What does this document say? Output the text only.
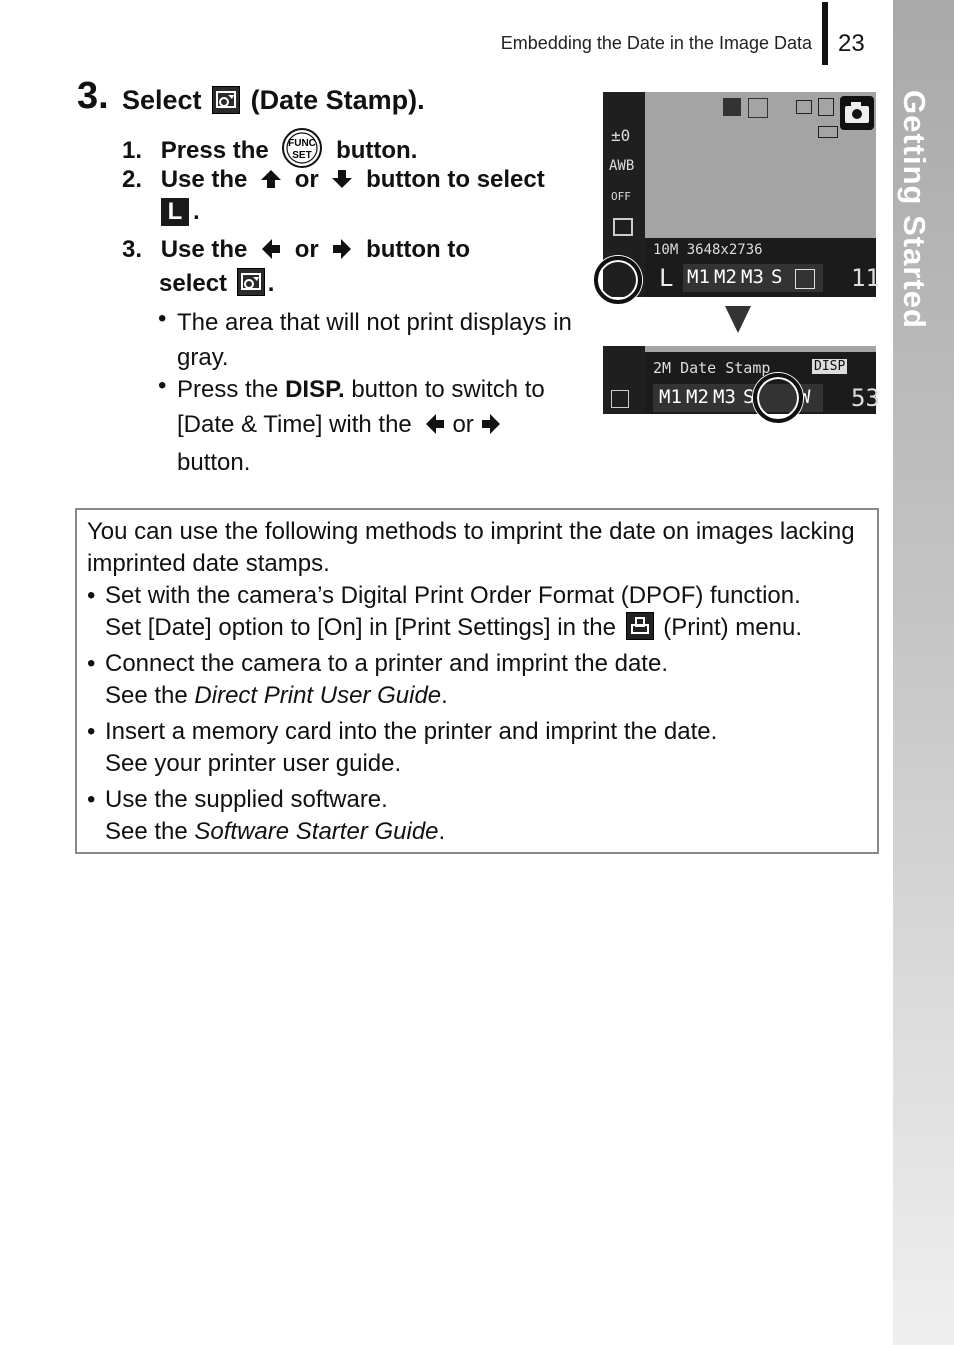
Getting Started
Embedding the Date in the Image Data 23
3. Select (Date Stamp).
1. Press the FUNC
SET button.
2. Use the or button to select
L .
3. Use the or button to
select .
• The area that will not print displays in gray.
• Press the DISP. button to switch to
[Date & Time] with the or
button.
±0
AWB
OFF
10M 3648x2736
L M1 M2 M3 S	11
2M Date Stamp	DISP
M1 M2 M3 S W 53
You can use the following methods to imprint the date on images lacking imprinted date stamps.
• Set with the camera’s Digital Print Order Format (DPOF) function.
Set [Date] option to [On] in [Print Settings] in the (Print) menu.
• Connect the camera to a printer and imprint the date.
See the Direct Print User Guide.
• Insert a memory card into the printer and imprint the date.
See your printer user guide.
• Use the supplied software.
See the Software Starter Guide.
